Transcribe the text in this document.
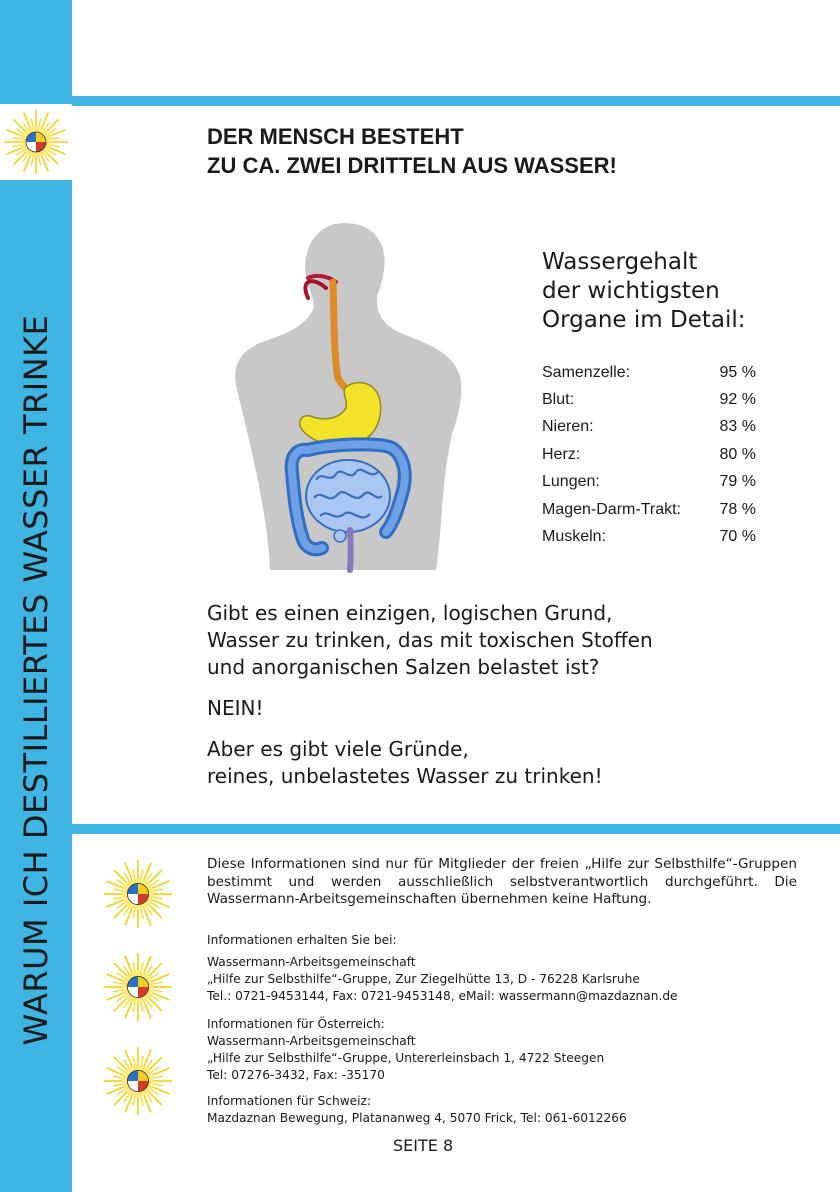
WARUM ICH DESTILLIERTES WASSER TRINKE
DER MENSCH BESTEHT
ZU CA. ZWEI DRITTELN AUS WASSER!
Wassergehalt
der wichtigsten
Organe im Detail:
Samenzelle:	95 %
Blut:	92 %
Nieren:	83 %
Herz:	80 %
Lungen:	79 %
Magen-Darm-Trakt:	78 %
Muskeln:	70 %

Gibt es einen einzigen, logischen Grund,
Wasser zu trinken, das mit toxischen Stoffen
und anorganischen Salzen belastet ist?

NEIN!

Aber es gibt viele Gründe,
reines, unbelastetes Wasser zu trinken!

Diese Informationen sind nur für Mitglieder der freien „Hilfe zur Selbsthilfe“-Gruppen bestimmt und werden ausschließlich selbstverantwortlich durchgeführt. Die Wassermann-Arbeitsgemeinschaften übernehmen keine Haftung.

Informationen erhalten Sie bei:
Wassermann-Arbeitsgemeinschaft
„Hilfe zur Selbsthilfe“-Gruppe, Zur Ziegelhütte 13, D - 76228 Karlsruhe
Tel.: 0721-9453144, Fax: 0721-9453148, eMail: wassermann@mazdaznan.de
Informationen für Österreich:
Wassermann-Arbeitsgemeinschaft
„Hilfe zur Selbsthilfe“-Gruppe, Untererleinsbach 1, 4722 Steegen
Tel: 07276-3432, Fax: -35170
Informationen für Schweiz:
Mazdaznan Bewegung, Platananweg 4, 5070 Frick, Tel: 061-6012266
SEITE 8
